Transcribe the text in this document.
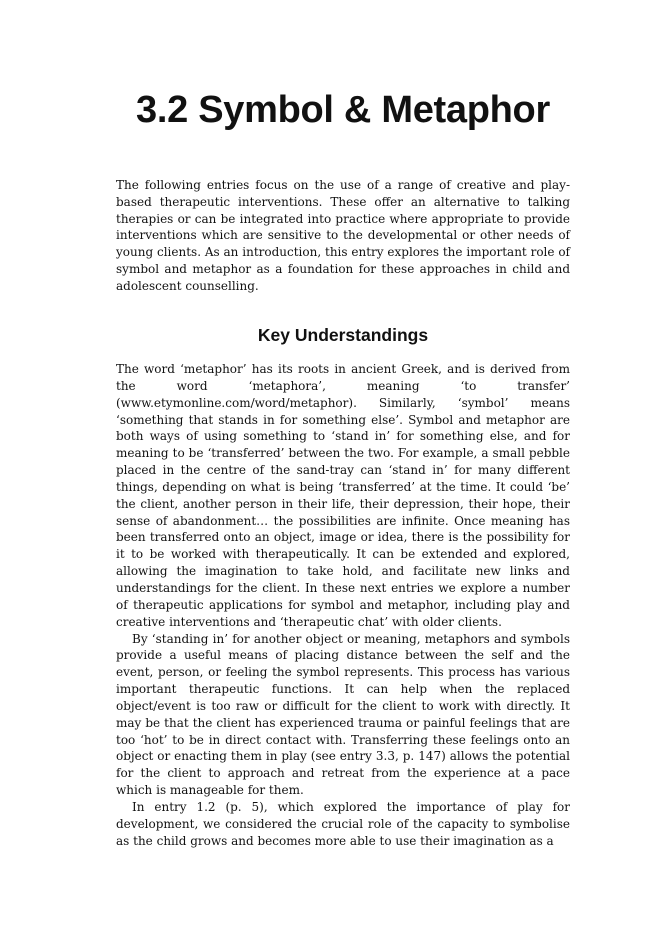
3.2 Symbol & Metaphor

The following entries focus on the use of a range of creative and play-based therapeutic interventions. These offer an alternative to talking therapies or can be integrated into practice where appropriate to provide interventions which are sensitive to the developmental or other needs of young clients. As an introduction, this entry explores the important role of symbol and metaphor as a foundation for these approaches in child and adolescent counselling.

Key Understandings

The word ‘metaphor’ has its roots in ancient Greek, and is derived from the word ‘metaphora’, meaning ‘to transfer’ (www.etymonline.com/word/metaphor). Similarly, ‘symbol’ means ‘something that stands in for something else’. Symbol and metaphor are both ways of using something to ‘stand in’ for something else, and for meaning to be ‘transferred’ between the two. For example, a small pebble placed in the centre of the sand-tray can ‘stand in’ for many different things, depending on what is being ‘transferred’ at the time. It could ‘be’ the client, another person in their life, their depression, their hope, their sense of abandonment… the possibilities are infinite. Once meaning has been transferred onto an object, image or idea, there is the possibility for it to be worked with therapeutically. It can be extended and explored, allowing the imagination to take hold, and facilitate new links and understandings for the client. In these next entries we explore a number of therapeutic applications for symbol and metaphor, including play and creative interventions and ‘therapeutic chat’ with older clients.

By ‘standing in’ for another object or meaning, metaphors and symbols provide a useful means of placing distance between the self and the event, person, or feeling the symbol represents. This process has various important therapeutic functions. It can help when the replaced object/event is too raw or difficult for the client to work with directly. It may be that the client has experienced trauma or painful feelings that are too ‘hot’ to be in direct contact with. Transferring these feelings onto an object or enacting them in play (see entry 3.3, p. 147) allows the potential for the client to approach and retreat from the experience at a pace which is manageable for them.

In entry 1.2 (p. 5), which explored the importance of play for development, we considered the crucial role of the capacity to symbolise as the child grows and becomes more able to use their imagination as a
